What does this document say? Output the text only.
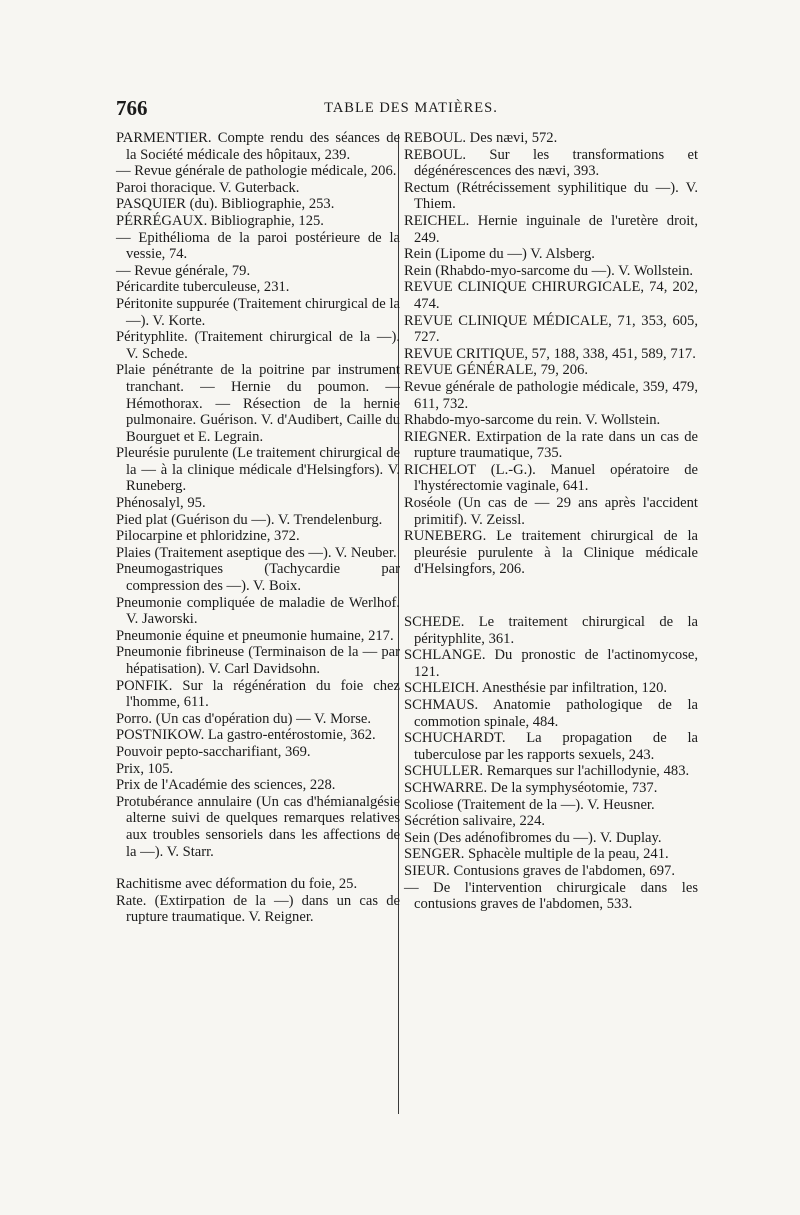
766	TABLE DES MATIÈRES.
PARMENTIER. Compte rendu des séances de la Société médicale des hôpitaux, 239.
— Revue générale de pathologie médicale, 206.
Paroi thoracique. V. Guterback.
PASQUIER (du). Bibliographie, 253.
PÉRRÉGAUX. Bibliographie, 125.
— Epithélioma de la paroi postérieure de la vessie, 74.
— Revue générale, 79.
Péricardite tuberculeuse, 231.
Péritonite suppurée (Traitement chirurgical de la —). V. Korte.
Pérityphlite. (Traitement chirurgical de la —). V. Schede.
Plaie pénétrante de la poitrine par instrument tranchant. — Hernie du poumon. — Hémothorax. — Résection de la hernie pulmonaire. Guérison. V. d'Audibert, Caille du Bourguet et E. Legrain.
Pleurésie purulente (Le traitement chirurgical de la — à la clinique médicale d'Helsingfors). V. Runeberg.
Phénosalyl, 95.
Pied plat (Guérison du —). V. Trendelenburg.
Pilocarpine et phloridzine, 372.
Plaies (Traitement aseptique des —). V. Neuber.
Pneumogastriques (Tachycardie par compression des —). V. Boix.
Pneumonie compliquée de maladie de Werlhof. V. Jaworski.
Pneumonie équine et pneumonie humaine, 217.
Pneumonie fibrineuse (Terminaison de la — par hépatisation). V. Carl Davidsohn.
PONFIK. Sur la régénération du foie chez l'homme, 611.
Porro. (Un cas d'opération du) — V. Morse.
POSTNIKOW. La gastro-entérostomie, 362.
Pouvoir pepto-saccharifiant, 369.
Prix, 105.
Prix de l'Académie des sciences, 228.
Protubérance annulaire (Un cas d'hémianalgésie alterne suivi de quelques remarques relatives aux troubles sensoriels dans les affections de la —). V. Starr.
Rachitisme avec déformation du foie, 25.
Rate. (Extirpation de la —) dans un cas de rupture traumatique. V. Reigner.
REBOUL. Des nævi, 572.
REBOUL. Sur les transformations et dégénérescences des nævi, 393.
Rectum (Rétrécissement syphilitique du —). V. Thiem.
REICHEL. Hernie inguinale de l'uretère droit, 249.
Rein (Lipome du —) V. Alsberg.
Rein (Rhabdo-myo-sarcome du —). V. Wollstein.
REVUE CLINIQUE CHIRURGICALE, 74, 202, 474.
REVUE CLINIQUE MÉDICALE, 71, 353, 605, 727.
REVUE CRITIQUE, 57, 188, 338, 451, 589, 717.
REVUE GÉNÉRALE, 79, 206.
Revue générale de pathologie médicale, 359, 479, 611, 732.
Rhabdo-myo-sarcome du rein. V. Wollstein.
RIEGNER. Extirpation de la rate dans un cas de rupture traumatique, 735.
RICHELOT (L.-G.). Manuel opératoire de l'hystérectomie vaginale, 641.
Roséole (Un cas de — 29 ans après l'accident primitif). V. Zeissl.
RUNEBERG. Le traitement chirurgical de la pleurésie purulente à la Clinique médicale d'Helsingfors, 206.
SCHEDE. Le traitement chirurgical de la pérityphlite, 361.
SCHLANGE. Du pronostic de l'actinomycose, 121.
SCHLEICH. Anesthésie par infiltration, 120.
SCHMAUS. Anatomie pathologique de la commotion spinale, 484.
SCHUCHARDT. La propagation de la tuberculose par les rapports sexuels, 243.
SCHULLER. Remarques sur l'achillodynie, 483.
SCHWARRE. De la symphyséotomie, 737.
Scoliose (Traitement de la —). V. Heusner.
Sécrétion salivaire, 224.
Sein (Des adénofibromes du —). V. Duplay.
SENGER. Sphacèle multiple de la peau, 241.
SIEUR. Contusions graves de l'abdomen, 697.
— De l'intervention chirurgicale dans les contusions graves de l'abdomen, 533.
